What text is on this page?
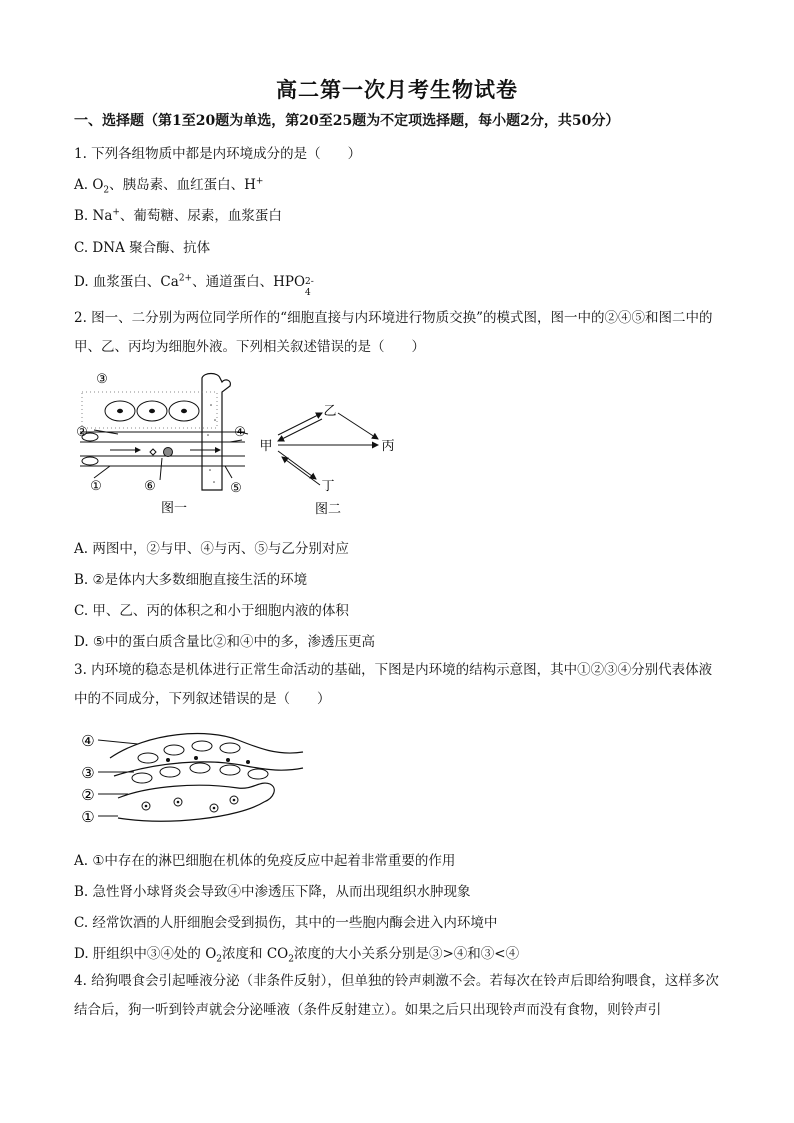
高二第一次月考生物试卷
一、选择题（第1至20题为单选，第20至25题为不定项选择题，每小题2分，共50分）
1. 下列各组物质中都是内环境成分的是（　　）
A. $O_2$、胰岛素、血红蛋白、H+
B. Na+、葡萄糖、尿素，血浆蛋白
C. DNA 聚合酶、抗体
D. 血浆蛋白、$Ca^{2+}$、通道蛋白、HPO 2-
4
2. 图一、二分别为两位同学所作的“细胞直接与内环境进行物质交换”的模式图，图一中的②④⑤和图二中的甲、乙、丙均为细胞外液。下列相关叙述错误的是（　　）
③
②
①	⑥
④
⑤
图一
甲
乙
丙
丁
图二
A. 两图中，②与甲、④与丙、⑤与乙分别对应
B. ②是体内大多数细胞直接生活的环境
C. 甲、乙、丙的体积之和小于细胞内液的体积
D. ⑤中的蛋白质含量比②和④中的多，渗透压更高
3. 内环境的稳态是机体进行正常生命活动的基础，下图是内环境的结构示意图，其中①②③④分别代表体液中的不同成分，下列叙述错误的是（　　）
④
③
②
①
A. ①中存在的淋巴细胞在机体的免疫反应中起着非常重要的作用
B. 急性肾小球肾炎会导致④中渗透压下降，从而出现组织水肿现象
C. 经常饮酒的人肝细胞会受到损伤，其中的一些胞内酶会进入内环境中
D. 肝组织中③④处的 $O_2$浓度和 $CO_2$浓度的大小关系分别是③>④和③<④
4. 给狗喂食会引起唾液分泌（非条件反射），但单独的铃声刺激不会。若每次在铃声后即给狗喂食，这样多次结合后，狗一听到铃声就会分泌唾液（条件反射建立）。如果之后只出现铃声而没有食物，则铃声引
